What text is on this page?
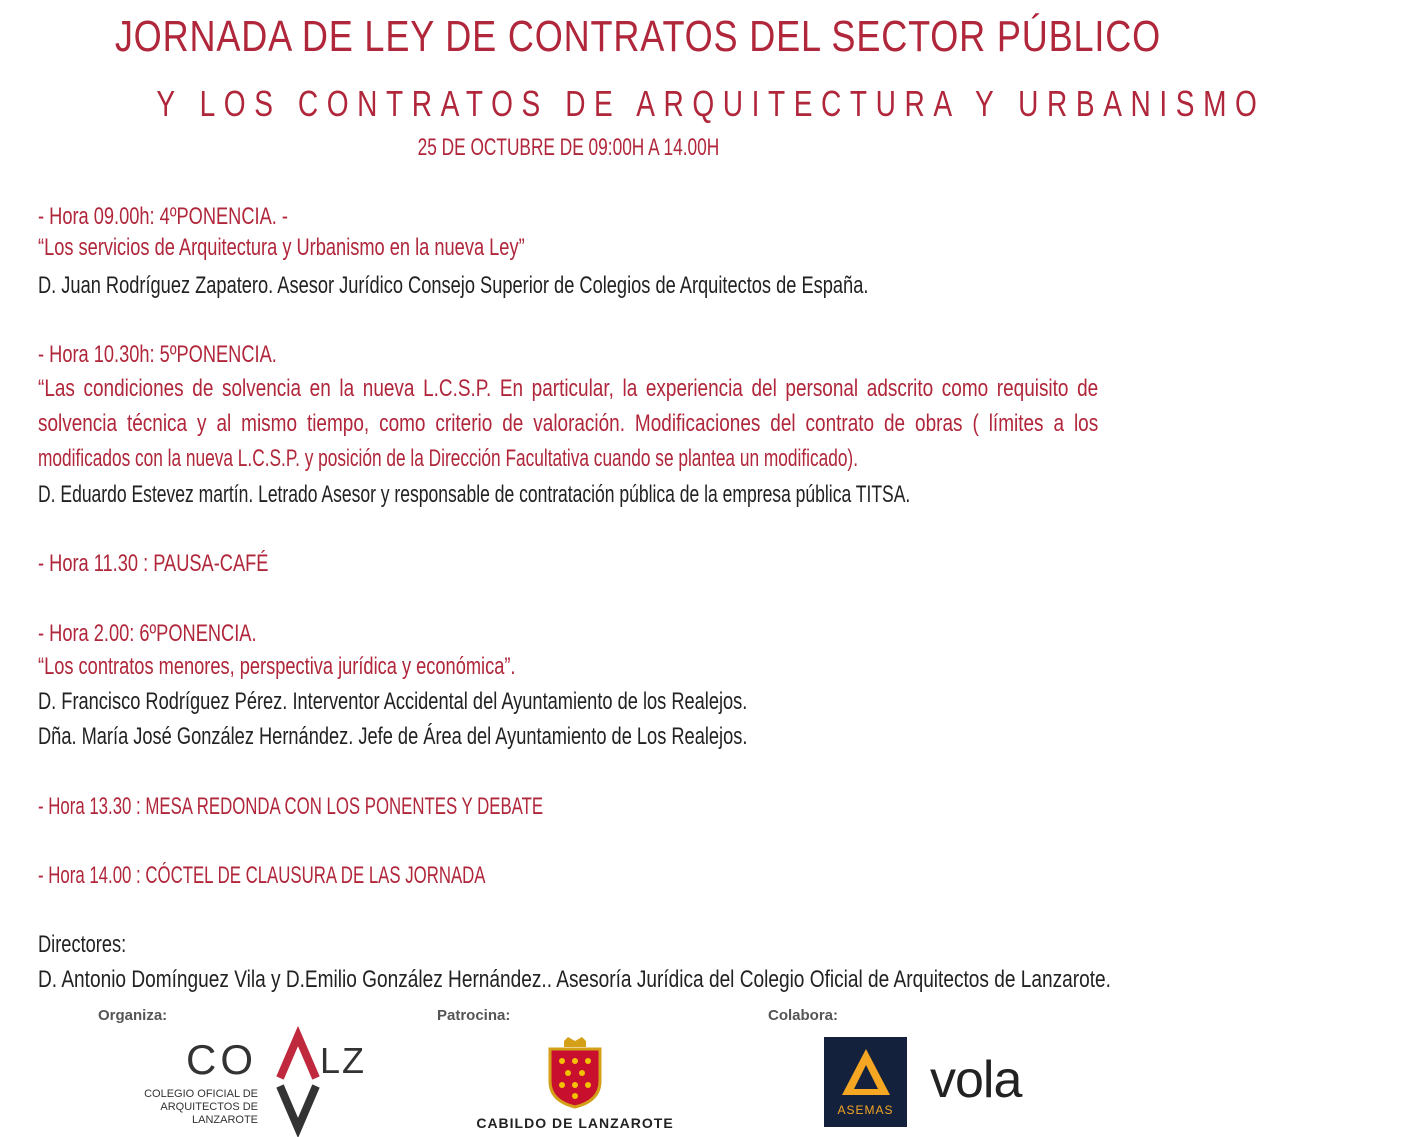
JORNADA DE LEY DE CONTRATOS DEL SECTOR PÚBLICO
Y LOS CONTRATOS DE ARQUITECTURA Y URBANISMO
25 DE OCTUBRE DE 09:00H A 14.00H
- Hora 09.00h: 4ºPONENCIA. -
“Los servicios de Arquitectura y Urbanismo en la nueva Ley”
D. Juan Rodríguez Zapatero. Asesor Jurídico Consejo Superior de Colegios de Arquitectos de España.
- Hora 10.30h: 5ºPONENCIA.
“Las condiciones de solvencia en la nueva L.C.S.P. En particular, la experiencia del personal adscrito como requisito de
solvencia técnica y al mismo tiempo, como criterio de valoración. Modificaciones del contrato de obras ( límites a los
modificados con la nueva L.C.S.P. y posición de la Dirección Facultativa cuando se plantea un modificado).
D. Eduardo Estevez martín. Letrado Asesor y responsable de contratación pública de la empresa pública TITSA.
- Hora 11.30 : PAUSA-CAFÉ
- Hora 2.00: 6ºPONENCIA.
“Los contratos menores, perspectiva jurídica y económica”.
D. Francisco Rodríguez Pérez. Interventor Accidental del Ayuntamiento de los Realejos.
Dña. María José González Hernández. Jefe de Área del Ayuntamiento de Los Realejos.
- Hora 13.30 : MESA REDONDA CON LOS PONENTES Y DEBATE
- Hora 14.00 : CÓCTEL DE CLAUSURA DE LAS JORNADA
Directores:
D. Antonio Domínguez Vila y D.Emilio González Hernández.. Asesoría Jurídica del Colegio Oficial de Arquitectos de Lanzarote.
Organiza:	Patrocina:	Colabora:
CO LZ
COLEGIO OFICIAL DE
ARQUITECTOS DE
LANZAROTE	CABILDO DE LANZAROTE
ASEMAS
vola
